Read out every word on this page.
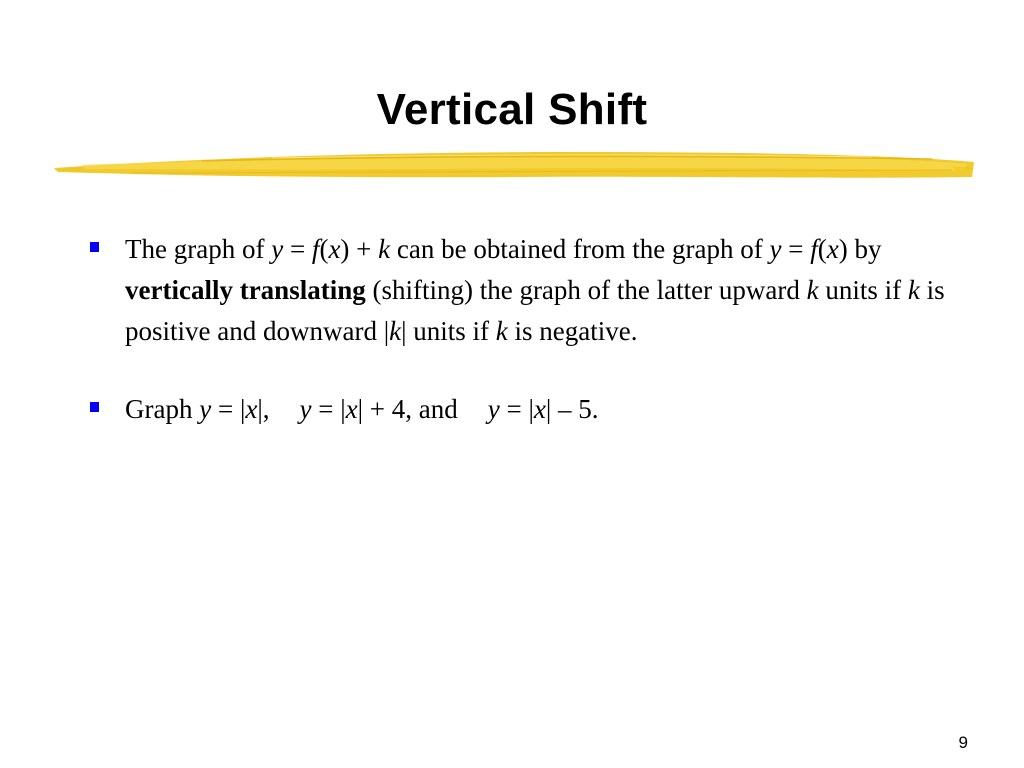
Vertical Shift
The graph of y = f(x) + k can be obtained from the graph of y = f(x) by vertically translating (shifting) the graph of the latter upward k units if k is positive and downward |k| units if k is negative.
Graph y = |x|, y = |x| + 4, and y = |x| – 5.
9
